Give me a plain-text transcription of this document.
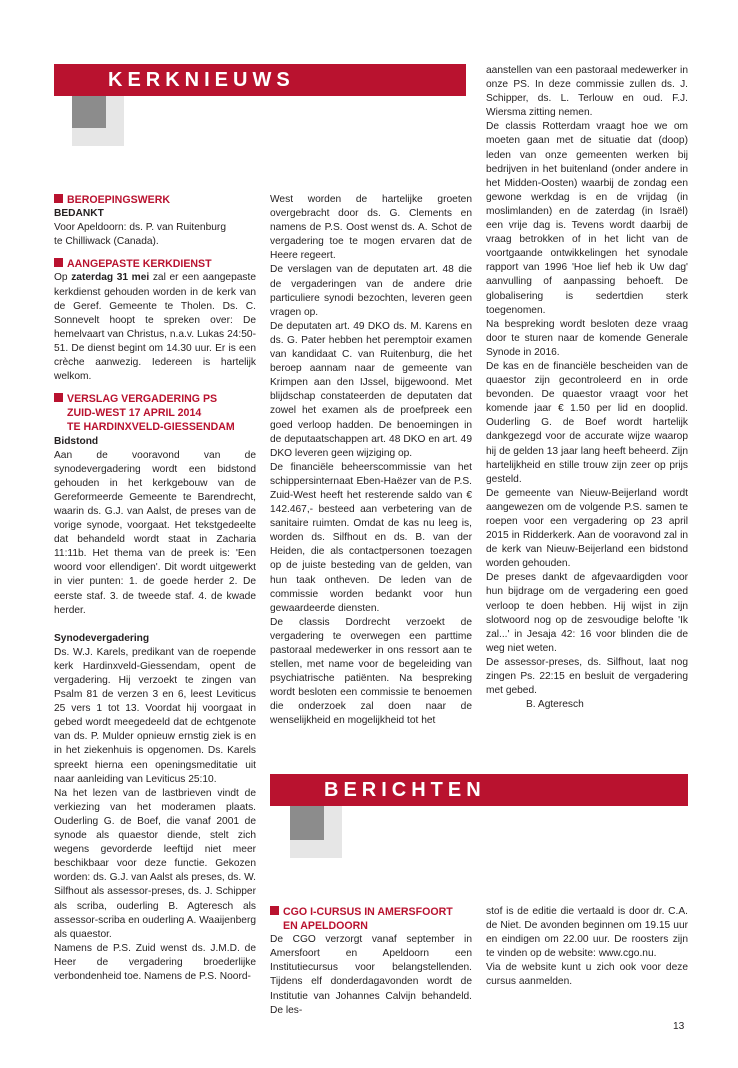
KERKNIEUWS
BEROEPINGSWERK
BEDANKT
Voor Apeldoorn: ds. P. van Ruitenburg
te Chilliwack (Canada).
AANGEPASTE KERKDIENST

Op zaterdag 31 mei zal er een aangepaste kerkdienst gehouden worden in de kerk van de Geref. Gemeente te Tholen. Ds. C. Sonnevelt hoopt te spreken over: De hemelvaart van Christus, n.a.v. Lukas 24:50-51. De dienst begint om 14.30 uur. Er is een crèche aanwezig. Iedereen is hartelijk welkom.

VERSLAG VERGADERING PS
ZUID-WEST 17 APRIL 2014
TE HARDINXVELD-GIESSENDAM
Bidstond

Aan de vooravond van de synodevergadering wordt een bidstond gehouden in het kerkgebouw van de Gereformeerde Gemeente te Barendrecht, waarin ds. G.J. van Aalst, de preses van de vorige synode, voorgaat. Het tekstgedeelte dat behandeld wordt staat in Zacharia 11:11b. Het thema van de preek is: 'Een woord voor ellendigen'. Dit wordt uitgewerkt in vier punten: 1. de goede herder 2. De eerste staf. 3. de tweede staf. 4. de kwade herder.

Synodevergadering

Ds. W.J. Karels, predikant van de roepende kerk Hardinxveld-Giessendam, opent de vergadering. Hij verzoekt te zingen van Psalm 81 de verzen 3 en 6, leest Leviticus 25 vers 1 tot 13. Voordat hij voorgaat in gebed wordt meegedeeld dat de echtgenote van ds. P. Mulder opnieuw ernstig ziek is en in het ziekenhuis is opgenomen. Ds. Karels spreekt hierna een openingsmeditatie uit naar aanleiding van Leviticus 25:10.

Na het lezen van de lastbrieven vindt de verkiezing van het moderamen plaats. Ouderling G. de Boef, die vanaf 2001 de synode als quaestor diende, stelt zich wegens gevorderde leeftijd niet meer beschikbaar voor deze functie. Gekozen worden: ds. G.J. van Aalst als preses, ds. W. Silfhout als assessor-preses, ds. J. Schipper als scriba, ouderling B. Agteresch als assessor-scriba en ouderling A. Waaijenberg als quaestor.

Namens de P.S. Zuid wenst ds. J.M.D. de Heer de vergadering broederlijke verbondenheid toe. Namens de P.S. Noord-

West worden de hartelijke groeten overgebracht door ds. G. Clements en namens de P.S. Oost wenst ds. A. Schot de vergadering toe te mogen ervaren dat de Heere regeert.

De verslagen van de deputaten art. 48 die de vergaderingen van de andere drie particuliere synodi bezochten, leveren geen vragen op.

De deputaten art. 49 DKO ds. M. Karens en ds. G. Pater hebben het peremptoir examen van kandidaat C. van Ruitenburg, die het beroep aannam naar de gemeente van Krimpen aan den IJssel, bijgewoond. Met blijdschap constateerden de deputaten dat zowel het examen als de proefpreek een goed verloop hadden. De benoemingen in de deputaatschappen art. 48 DKO en art. 49 DKO leveren geen wijziging op.

De financiële beheerscommissie van het schippersinternaat Eben-Haëzer van de P.S. Zuid-West heeft het resterende saldo van € 142.467,- besteed aan verbetering van de sanitaire ruimten. Omdat de kas nu leeg is, worden ds. Silfhout en ds. B. van der Heiden, die als contactpersonen toezagen op de juiste besteding van de gelden, van hun taak ontheven. De leden van de commissie worden bedankt voor hun gewaardeerde diensten.

De classis Dordrecht verzoekt de vergadering te overwegen een parttime pastoraal medewerker in ons ressort aan te stellen, met name voor de begeleiding van psychiatrische patiënten. Na bespreking wordt besloten een commissie te benoemen die onderzoek zal doen naar de wenselijkheid en mogelijkheid tot het

aanstellen van een pastoraal medewerker in onze PS. In deze commissie zullen ds. J. Schipper, ds. L. Terlouw en oud. F.J. Wiersma zitting nemen.

De classis Rotterdam vraagt hoe we om moeten gaan met de situatie dat (doop) leden van onze gemeenten werken bij bedrijven in het buitenland (onder andere in het Midden-Oosten) waarbij de zondag een gewone werkdag is en de vrijdag (in moslimlanden) en de zaterdag (in Israël) een vrije dag is. Tevens wordt daarbij de vraag betrokken of in het licht van de voortgaande ontwikkelingen het synodale rapport van 1996 'Hoe lief heb ik Uw dag' aanvulling of aanpassing behoeft. De globalisering is sedertdien sterk toegenomen.

Na bespreking wordt besloten deze vraag door te sturen naar de komende Generale Synode in 2016.

De kas en de financiële bescheiden van de quaestor zijn gecontroleerd en in orde bevonden. De quaestor vraagt voor het komende jaar € 1.50 per lid en dooplid. Ouderling G. de Boef wordt hartelijk dankgezegd voor de accurate wijze waarop hij de gelden 13 jaar lang heeft beheerd. Zijn hartelijkheid en stille trouw zijn zeer op prijs gesteld.

De gemeente van Nieuw-Beijerland wordt aangewezen om de volgende P.S. samen te roepen voor een vergadering op 23 april 2015 in Ridderkerk. Aan de vooravond zal in de kerk van Nieuw-Beijerland een bidstond worden gehouden.

De preses dankt de afgevaardigden voor hun bijdrage om de vergadering een goed verloop te doen hebben. Hij wijst in zijn slotwoord nog op de zesvoudige belofte 'Ik zal...' in Jesaja 42: 16 voor blinden die de weg niet weten.

De assessor-preses, ds. Silfhout, laat nog zingen Ps. 22:15 en besluit de vergadering met gebed.

B. Agteresch
BERICHTEN
CGO I-CURSUS IN AMERSFOORT
EN APELDOORN

De CGO verzorgt vanaf september in Amersfoort en Apeldoorn een Institutiecursus voor belangstellenden. Tijdens elf donderdagavonden wordt de Institutie van Johannes Calvijn behandeld. De les-

stof is de editie die vertaald is door dr. C.A. de Niet. De avonden beginnen om 19.15 uur en eindigen om 22.00 uur. De roosters zijn te vinden op de website: www.cgo.nu.

Via de website kunt u zich ook voor deze cursus aanmelden.

13
